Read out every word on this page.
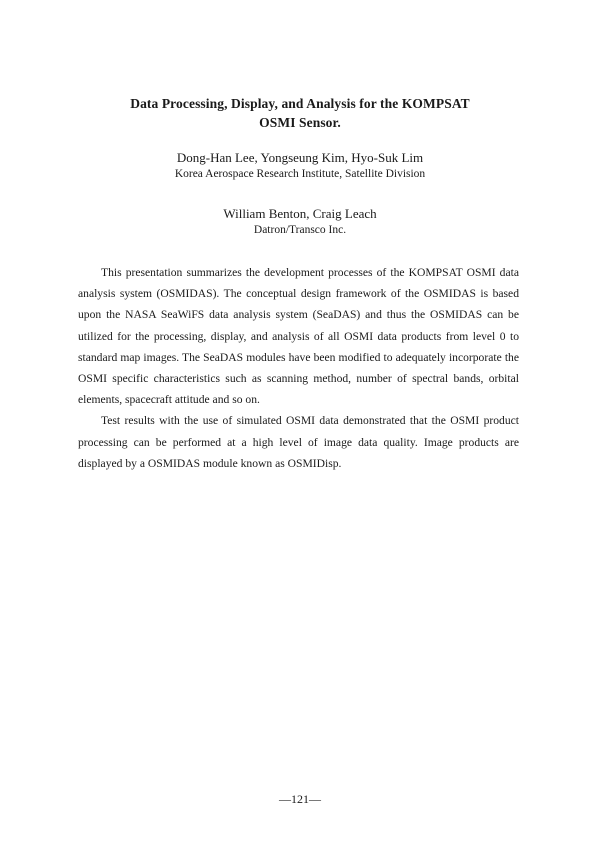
Data Processing, Display, and Analysis for the KOMPSAT
OSMI Sensor.
Dong-Han Lee, Yongseung Kim, Hyo-Suk Lim
Korea Aerospace Research Institute, Satellite Division
William Benton, Craig Leach
Datron/Transco Inc.

This presentation summarizes the development processes of the KOMPSAT OSMI data analysis system (OSMIDAS). The conceptual design framework of the OSMIDAS is based upon the NASA SeaWiFS data analysis system (SeaDAS) and thus the OSMIDAS can be utilized for the processing, display, and analysis of all OSMI data products from level 0 to standard map images. The SeaDAS modules have been modified to adequately incorporate the OSMI specific characteristics such as scanning method, number of spectral bands, orbital elements, spacecraft attitude and so on.

Test results with the use of simulated OSMI data demonstrated that the OSMI product processing can be performed at a high level of image data quality. Image products are displayed by a OSMIDAS module known as OSMIDisp.

—121—
